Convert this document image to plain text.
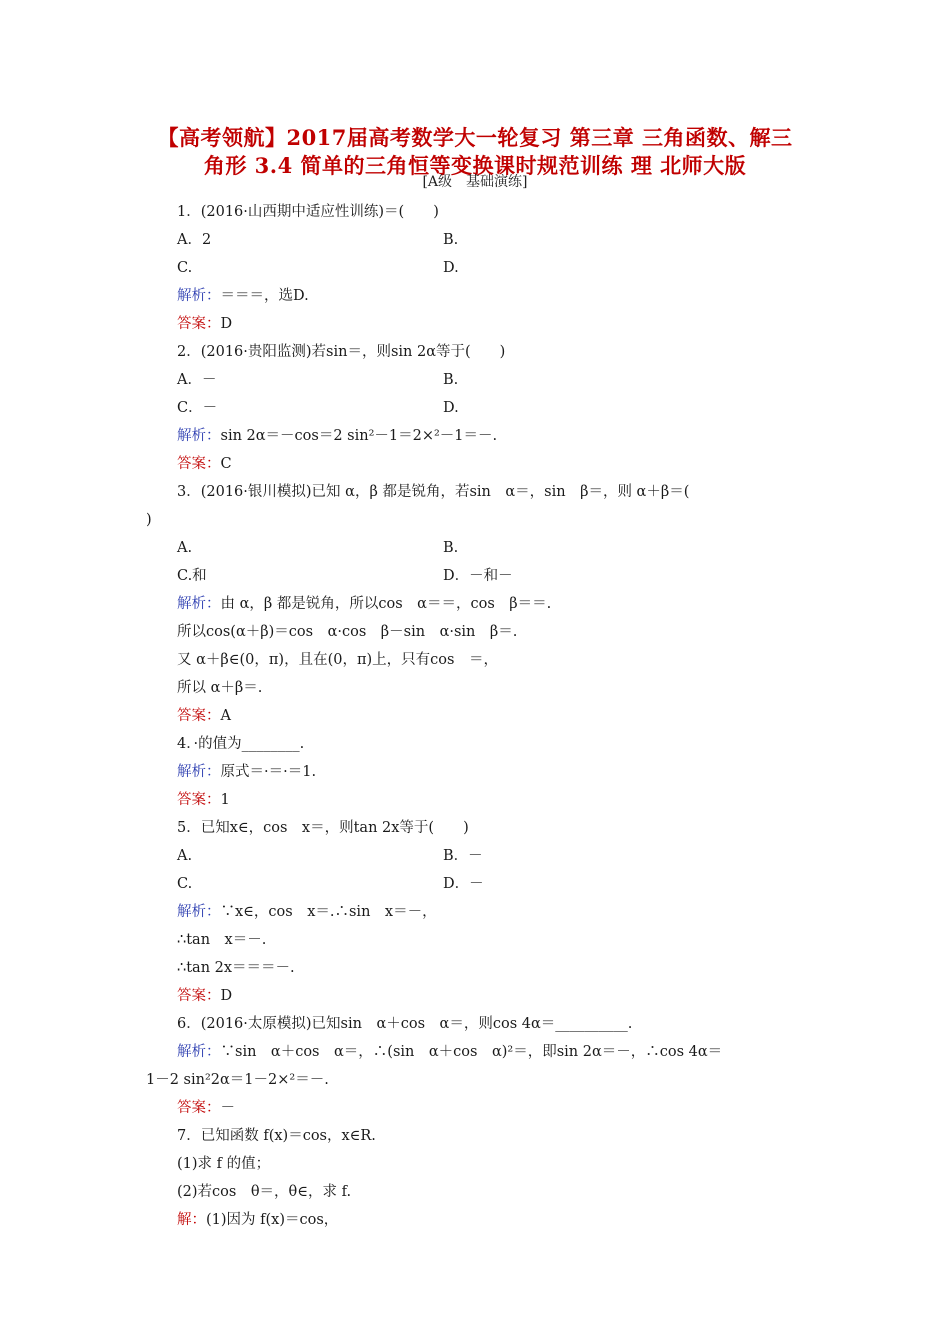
【高考领航】2017届高考数学大一轮复习 第三章 三角函数、解三
角形 3.4 简单的三角恒等变换课时规范训练 理 北师大版
[A级　基础演练]
1．(2016·山西期中适应性训练)＝(　　)
A．2	B.
C.	D.
解析：＝＝＝，选D.
答案：D
2．(2016·贵阳监测)若sin＝，则sin 2α等于(　　)
A．－	B.
C．－	D.
解析：sin 2α＝－cos＝2 sin²－1＝2×²－1＝－.
答案：C
3．(2016·银川模拟)已知 α，β 都是锐角，若sin　α＝，sin　β＝，则 α＋β＝(
)
A.	B.
C.和	D．－和－
解析：由 α，β 都是锐角，所以cos　α＝＝，cos　β＝＝.
所以cos(α＋β)＝cos　α·cos　β－sin　α·sin　β＝.
又 α＋β∈(0，π)，且在(0，π)上，只有cos　＝，
所以 α＋β＝.
答案：A
4．·的值为________.
解析：原式＝·＝·＝1.
答案：1
5．已知x∈，cos　x＝，则tan 2x等于(　　)
A.	B．－
C.	D．－
解析：∵x∈，cos　x＝.∴sin　x＝－，
∴tan　x＝－.
∴tan 2x＝＝＝－.
答案：D
6．(2016·太原模拟)已知sin　α＋cos　α＝，则cos 4α＝__________.
解析：∵sin　α＋cos　α＝，∴(sin　α＋cos　α)²＝，即sin 2α＝－，∴cos 4α＝
1－2 sin²2α＝1－2×²＝－.
答案：－
7．已知函数 f(x)＝cos，x∈R.
(1)求 f 的值；
(2)若cos　θ＝，θ∈，求 f.
解：(1)因为 f(x)＝cos，
